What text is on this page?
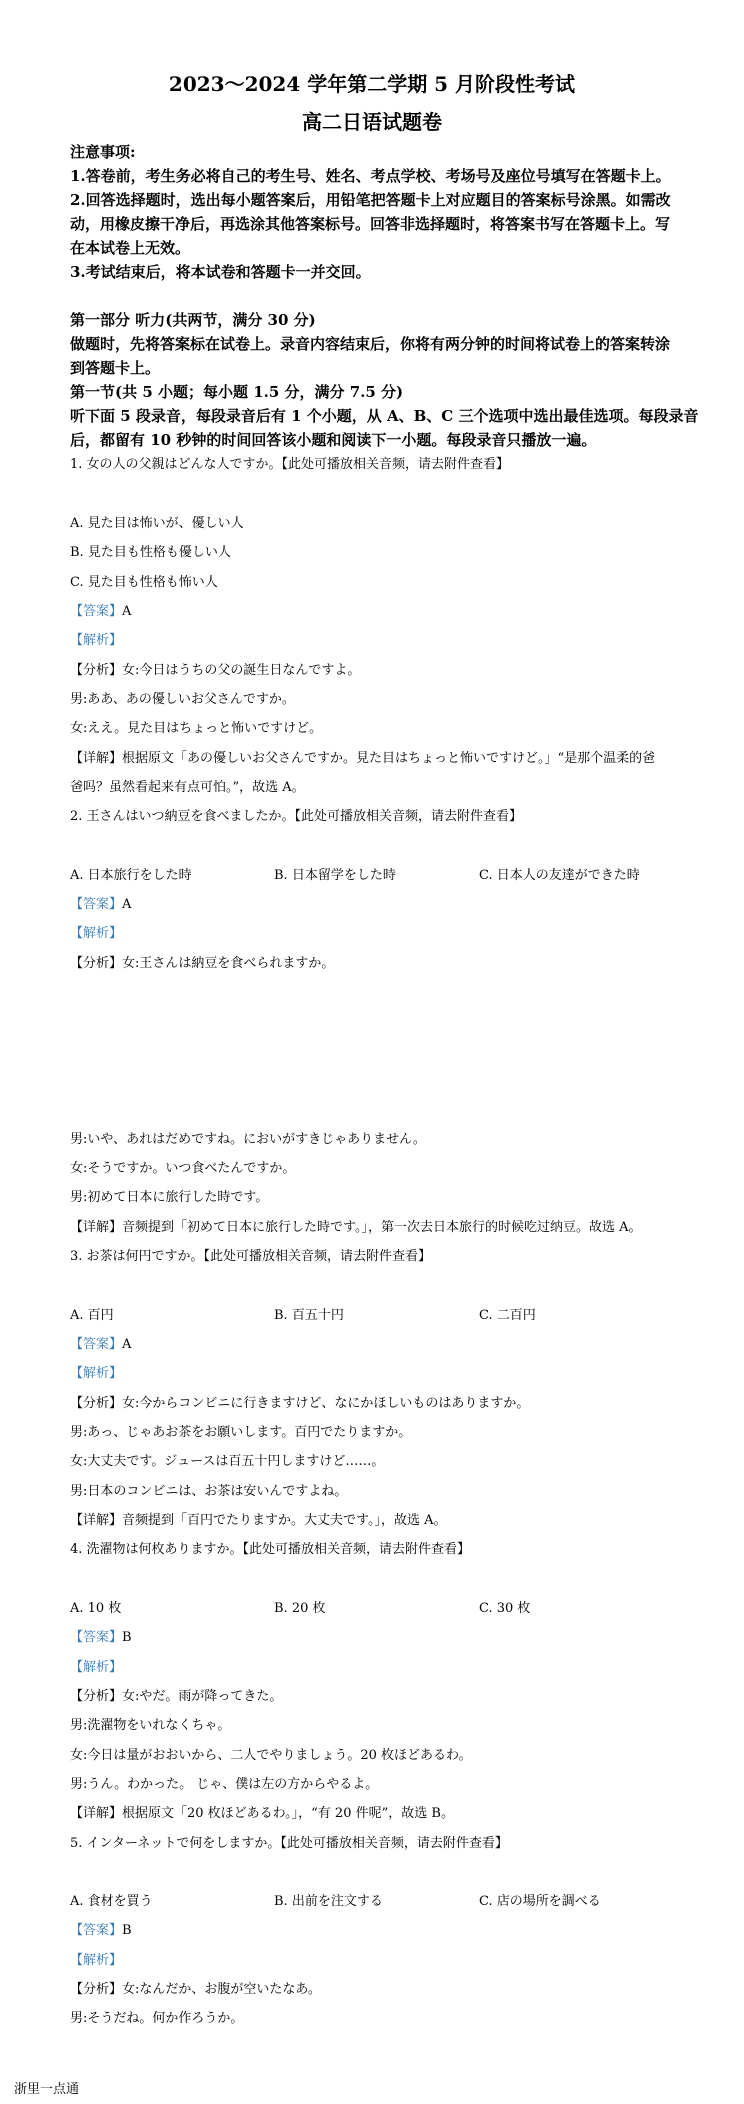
2023～2024 学年第二学期 5 月阶段性考试
高二日语试题卷
注意事项:
1.答卷前，考生务必将自己的考生号、姓名、考点学校、考场号及座位号填写在答题卡上。
2.回答选择题时，选出每小题答案后，用铅笔把答题卡上对应题目的答案标号涂黑。如需改
动，用橡皮擦干净后，再选涂其他答案标号。回答非选择题时，将答案书写在答题卡上。写
在本试卷上无效。
3.考试结束后，将本试卷和答题卡一并交回。
第一部分 听力(共两节，满分 30 分)
做题时，先将答案标在试卷上。录音内容结束后，你将有两分钟的时间将试卷上的答案转涂
到答题卡上。
第一节(共 5 小题；每小题 1.5 分，满分 7.5 分)
听下面 5 段录音，每段录音后有 1 个小题，从 A、B、C 三个选项中选出最佳选项。每段录音
后，都留有 10 秒钟的时间回答该小题和阅读下一小题。每段录音只播放一遍。
1. 女の人の父親はどんな人ですか。【此处可播放相关音频，请去附件查看】
A. 見た目は怖いが、優しい人
B. 見た目も性格も優しい人
C. 見た目も性格も怖い人
【答案】A
【解析】
【分析】女:今日はうちの父の誕生日なんですよ。
男:ああ、あの優しいお父さんですか。
女:ええ。見た目はちょっと怖いですけど。
【详解】根据原文「あの優しいお父さんですか。見た目はちょっと怖いですけど。」“是那个温柔的爸
爸吗？虽然看起来有点可怕。”，故选 A。
2. 王さんはいつ納豆を食べましたか。【此处可播放相关音频，请去附件查看】
A. 日本旅行をした時	B. 日本留学をした時	C. 日本人の友達ができた時
【答案】A
【解析】
【分析】女:王さんは納豆を食べられますか。
男:いや、あれはだめですね。においがすきじゃありません。
女:そうですか。いつ食べたんですか。
男:初めて日本に旅行した時です。
【详解】音频提到「初めて日本に旅行した時です。」，第一次去日本旅行的时候吃过纳豆。故选 A。
3. お茶は何円ですか。【此处可播放相关音频，请去附件查看】
A. 百円	B. 百五十円	C. 二百円
【答案】A
【解析】
【分析】女:今からコンビニに行きますけど、なにかほしいものはありますか。
男:あっ、じゃあお茶をお願いします。百円でたりますか。
女:大丈夫です。ジュースは百五十円しますけど……。
男:日本のコンビニは、お茶は安いんですよね。
【详解】音频提到「百円でたりますか。大丈夫です。」，故选 A。
4. 洗濯物は何枚ありますか。【此处可播放相关音频，请去附件查看】
A. 10 枚	B. 20 枚	C. 30 枚
【答案】B
【解析】
【分析】女:やだ。雨が降ってきた。
男:洗濯物をいれなくちゃ。
女:今日は量がおおいから、二人でやりましょう。20 枚ほどあるわ。
男:うん。わかった。 じゃ、僕は左の方からやるよ。
【详解】根据原文「20 枚ほどあるわ。」，“有 20 件呢”，故选 B。
5. インターネットで何をしますか。【此处可播放相关音频，请去附件查看】
A. 食材を買う	B. 出前を注文する	C. 店の場所を調べる
【答案】B
【解析】
【分析】女:なんだか、お腹が空いたなあ。
男:そうだね。何か作ろうか。
浙里一点通
